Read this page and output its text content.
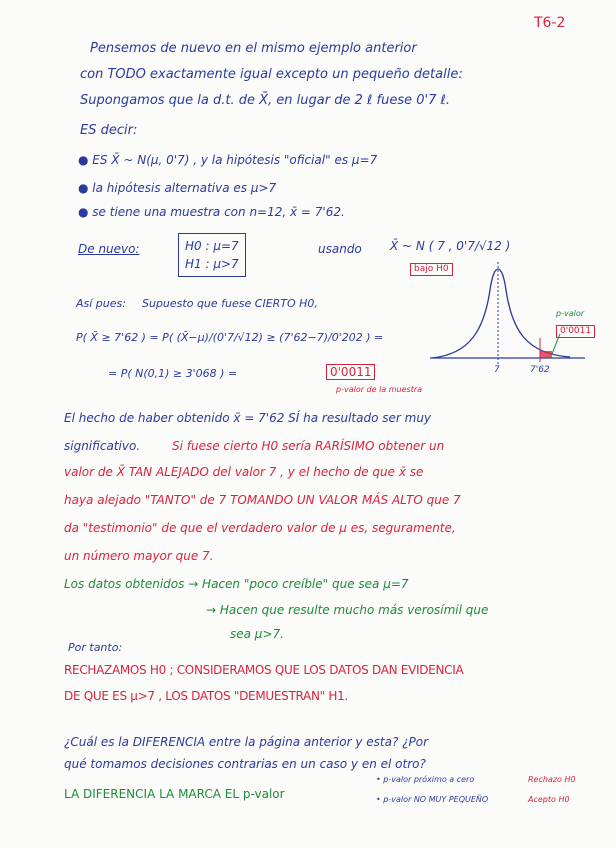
T6-2
Pensemos de nuevo en el mismo ejemplo anterior
con TODO exactamente igual excepto un pequeño detalle:
Supongamos que la d.t. de X̄, en lugar de 2 ℓ fuese 0'7 ℓ.
ES decir:
● ES X̄ ~ N(μ, 0'7) , y la hipótesis "oficial" es μ=7
● la hipótesis alternativa es μ>7
● se tiene una muestra con n=12, x̄ = 7'62.
De nuevo:	H0 : μ=7
H1 : μ>7
usando X̄ ~ N ( 7 , 0'7/√12 )
bajo H0
Así pues: Supuesto que fuese CIERTO H0,
P( X̄ ≥ 7'62 ) = P( (X̄−μ)/(0'7/√12) ≥ (7'62−7)/0'202 ) =
= P( N(0,1) ≥ 3'068 ) =	0'0011
p-valor de la muestra
p-valor
0'0011
7	7'62
El hecho de haber obtenido x̄ = 7'62 SÍ ha resultado ser muy
significativo.	Si fuese cierto H0 sería RARÍSIMO obtener un
valor de X̄ TAN ALEJADO del valor 7 , y el hecho de que x̄ se
haya alejado "TANTO" de 7 TOMANDO UN VALOR MÁS ALTO que 7
da "testimonio" de que el verdadero valor de μ es, seguramente,
un número mayor que 7.
Los datos obtenidos → Hacen "poco creíble" que sea μ=7
→ Hacen que resulte mucho más verosímil que
sea μ>7.
Por tanto:
RECHAZAMOS H0 ; CONSIDERAMOS QUE LOS DATOS DAN EVIDENCIA
DE QUE ES μ>7 , LOS DATOS "DEMUESTRAN" H1.
¿Cuál es la DIFERENCIA entre la página anterior y esta? ¿Por
qué tomamos decisiones contrarias en un caso y en el otro?
LA DIFERENCIA LA MARCA EL p-valor
• p-valor próximo a cero	Rechazo H0
• p-valor NO MUY PEQUEÑO	Acepto H0
